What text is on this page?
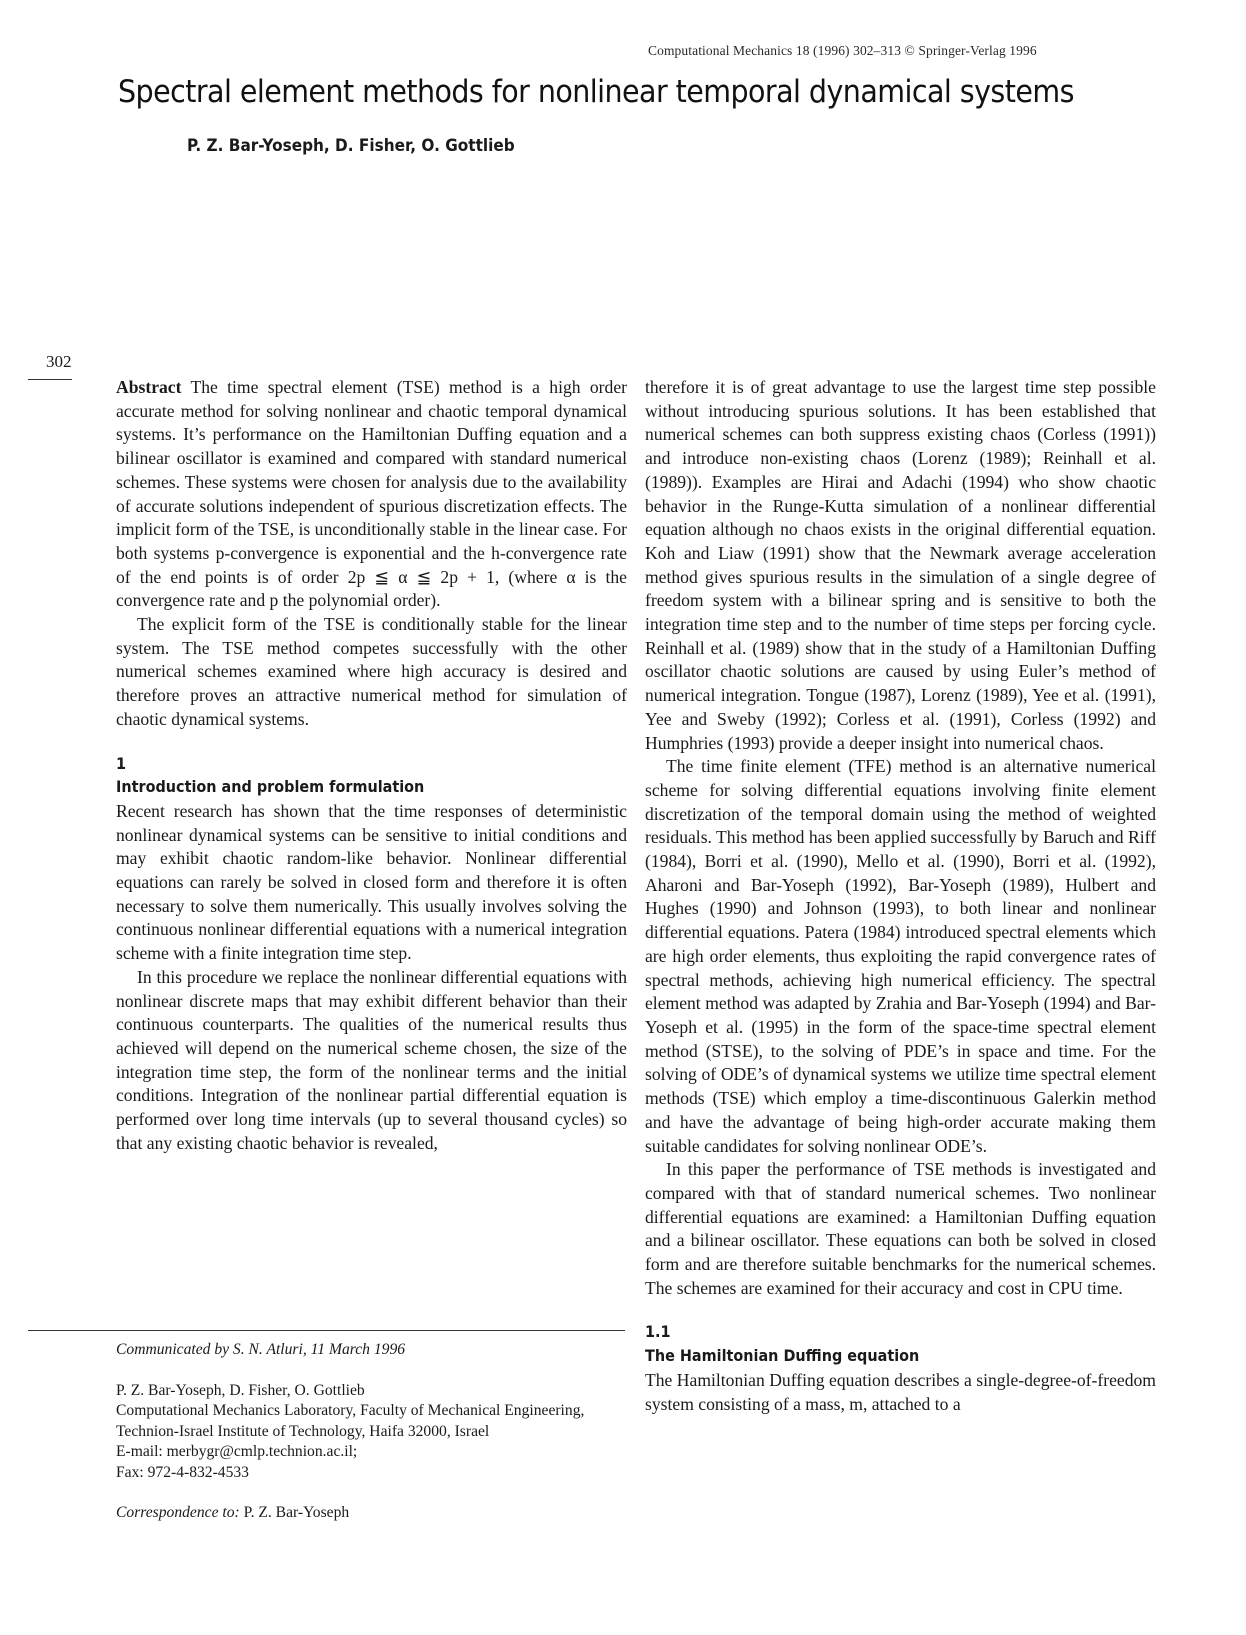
Computational Mechanics 18 (1996) 302–313 © Springer-Verlag 1996
Spectral element methods for nonlinear temporal dynamical systems
P. Z. Bar-Yoseph, D. Fisher, O. Gottlieb
302

Abstract The time spectral element (TSE) method is a high order accurate method for solving nonlinear and chaotic temporal dynamical systems. It’s performance on the Hamiltonian Duffing equation and a bilinear oscillator is examined and compared with standard numerical schemes. These systems were chosen for analysis due to the availability of accurate solutions independent of spurious discretization effects. The implicit form of the TSE, is unconditionally stable in the linear case. For both systems p-convergence is exponential and the h-convergence rate of the end points is of order 2p ≦ α ≦ 2p + 1, (where α is the convergence rate and p the polynomial order).

The explicit form of the TSE is conditionally stable for the linear system. The TSE method competes successfully with the other numerical schemes examined where high accuracy is desired and therefore proves an attractive numerical method for simulation of chaotic dynamical systems.

1
Introduction and problem formulation

Recent research has shown that the time responses of deterministic nonlinear dynamical systems can be sensitive to initial conditions and may exhibit chaotic random-like behavior. Nonlinear differential equations can rarely be solved in closed form and therefore it is often necessary to solve them numerically. This usually involves solving the continuous nonlinear differential equations with a numerical integration scheme with a finite integration time step.

In this procedure we replace the nonlinear differential equations with nonlinear discrete maps that may exhibit different behavior than their continuous counterparts. The qualities of the numerical results thus achieved will depend on the numerical scheme chosen, the size of the integration time step, the form of the nonlinear terms and the initial conditions. Integration of the nonlinear partial differential equation is performed over long time intervals (up to several thousand cycles) so that any existing chaotic behavior is revealed,

therefore it is of great advantage to use the largest time step possible without introducing spurious solutions. It has been established that numerical schemes can both suppress existing chaos (Corless (1991)) and introduce non-existing chaos (Lorenz (1989); Reinhall et al. (1989)). Examples are Hirai and Adachi (1994) who show chaotic behavior in the Runge-Kutta simulation of a nonlinear differential equation although no chaos exists in the original differential equation. Koh and Liaw (1991) show that the Newmark average acceleration method gives spurious results in the simulation of a single degree of freedom system with a bilinear spring and is sensitive to both the integration time step and to the number of time steps per forcing cycle. Reinhall et al. (1989) show that in the study of a Hamiltonian Duffing oscillator chaotic solutions are caused by using Euler’s method of numerical integration. Tongue (1987), Lorenz (1989), Yee et al. (1991), Yee and Sweby (1992); Corless et al. (1991), Corless (1992) and Humphries (1993) provide a deeper insight into numerical chaos.

The time finite element (TFE) method is an alternative numerical scheme for solving differential equations involving finite element discretization of the temporal domain using the method of weighted residuals. This method has been applied successfully by Baruch and Riff (1984), Borri et al. (1990), Mello et al. (1990), Borri et al. (1992), Aharoni and Bar-Yoseph (1992), Bar-Yoseph (1989), Hulbert and Hughes (1990) and Johnson (1993), to both linear and nonlinear differential equations. Patera (1984) introduced spectral elements which are high order elements, thus exploiting the rapid convergence rates of spectral methods, achieving high numerical efficiency. The spectral element method was adapted by Zrahia and Bar-Yoseph (1994) and Bar-Yoseph et al. (1995) in the form of the space-time spectral element method (STSE), to the solving of PDE’s in space and time. For the solving of ODE’s of dynamical systems we utilize time spectral element methods (TSE) which employ a time-discontinuous Galerkin method and have the advantage of being high-order accurate making them suitable candidates for solving nonlinear ODE’s.

In this paper the performance of TSE methods is investigated and compared with that of standard numerical schemes. Two nonlinear differential equations are examined: a Hamiltonian Duffing equation and a bilinear oscillator. These equations can both be solved in closed form and are therefore suitable benchmarks for the numerical schemes. The schemes are examined for their accuracy and cost in CPU time.

1.1
The Hamiltonian Duffing equation

The Hamiltonian Duffing equation describes a single-degree-of-freedom system consisting of a mass, m, attached to a

Communicated by S. N. Atluri, 11 March 1996
P. Z. Bar-Yoseph, D. Fisher, O. Gottlieb
Computational Mechanics Laboratory, Faculty of Mechanical Engineering, Technion-Israel Institute of Technology, Haifa 32000, Israel
E-mail: merbygr@cmlp.technion.ac.il;
Fax: 972-4-832-4533
Correspondence to: P. Z. Bar-Yoseph
